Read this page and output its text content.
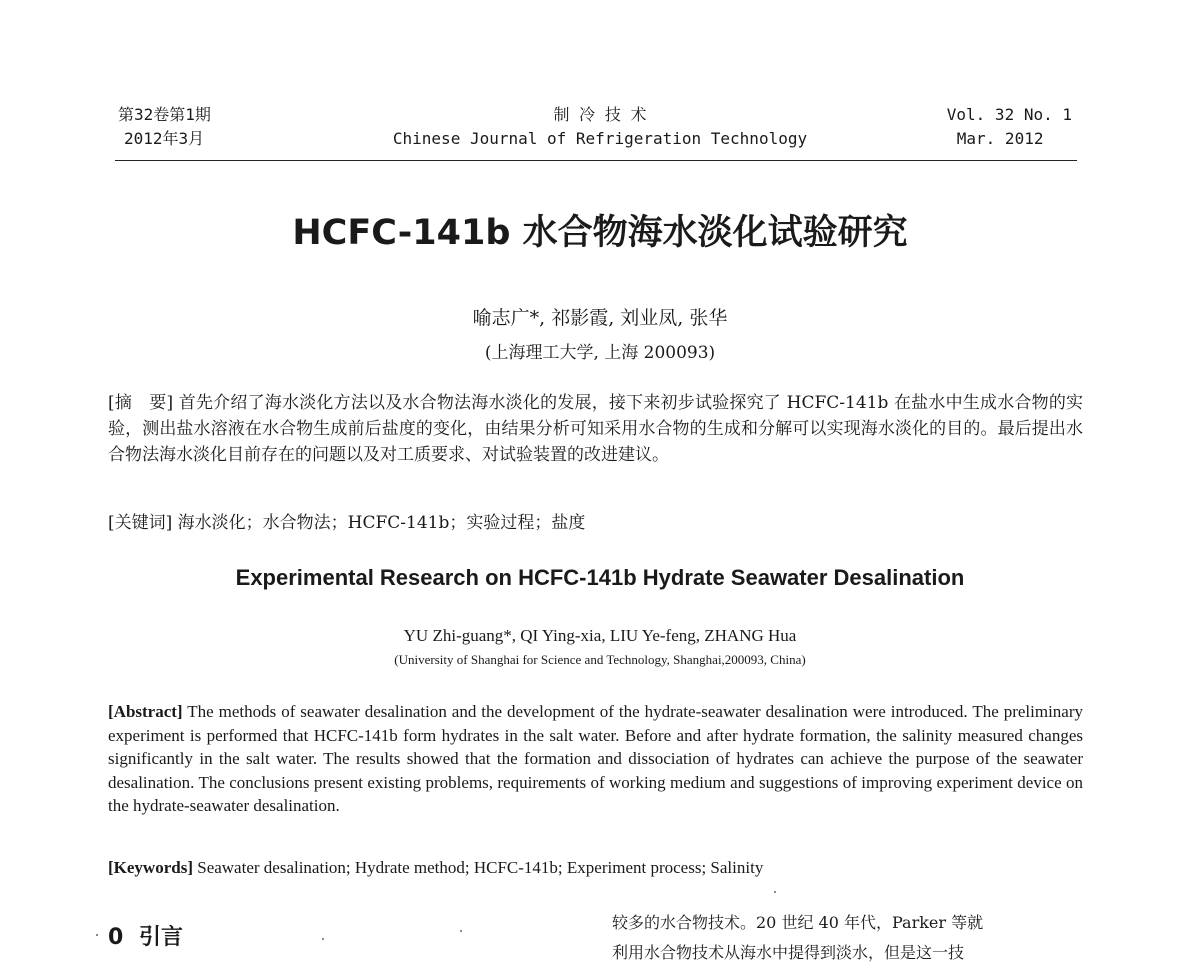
第32卷第1期
2012年3月
制 冷 技 术
Chinese Journal of Refrigeration Technology
Vol. 32 No. 1
Mar. 2012
HCFC-141b 水合物海水淡化试验研究
喻志广*, 祁影霞, 刘业凤, 张华
(上海理工大学, 上海 200093)
[摘　要] 首先介绍了海水淡化方法以及水合物法海水淡化的发展，接下来初步试验探究了 HCFC-141b 在盐水中生成水合物的实验，测出盐水溶液在水合物生成前后盐度的变化，由结果分析可知采用水合物的生成和分解可以实现海水淡化的目的。最后提出水合物法海水淡化目前存在的问题以及对工质要求、对试验装置的改进建议。
[关键词] 海水淡化；水合物法；HCFC-141b；实验过程；盐度
Experimental Research on HCFC-141b Hydrate Seawater Desalination
YU Zhi-guang*, QI Ying-xia, LIU Ye-feng, ZHANG Hua
(University of Shanghai for Science and Technology, Shanghai,200093, China)
[Abstract] The methods of seawater desalination and the development of the hydrate-seawater desalination were introduced. The preliminary experiment is performed that HCFC-141b form hydrates in the salt water. Before and after hydrate formation, the salinity measured changes significantly in the salt water. The results showed that the formation and dissociation of hydrates can achieve the purpose of the seawater desalination. The conclusions present existing problems, requirements of working medium and suggestions of improving experiment device on the hydrate-seawater desalination.
[Keywords] Seawater desalination; Hydrate method; HCFC-141b; Experiment process; Salinity
0 引言
较多的水合物技术。20 世纪 40 年代，Parker 等就
利用水合物技术从海水中提得到淡水，但是这一技
